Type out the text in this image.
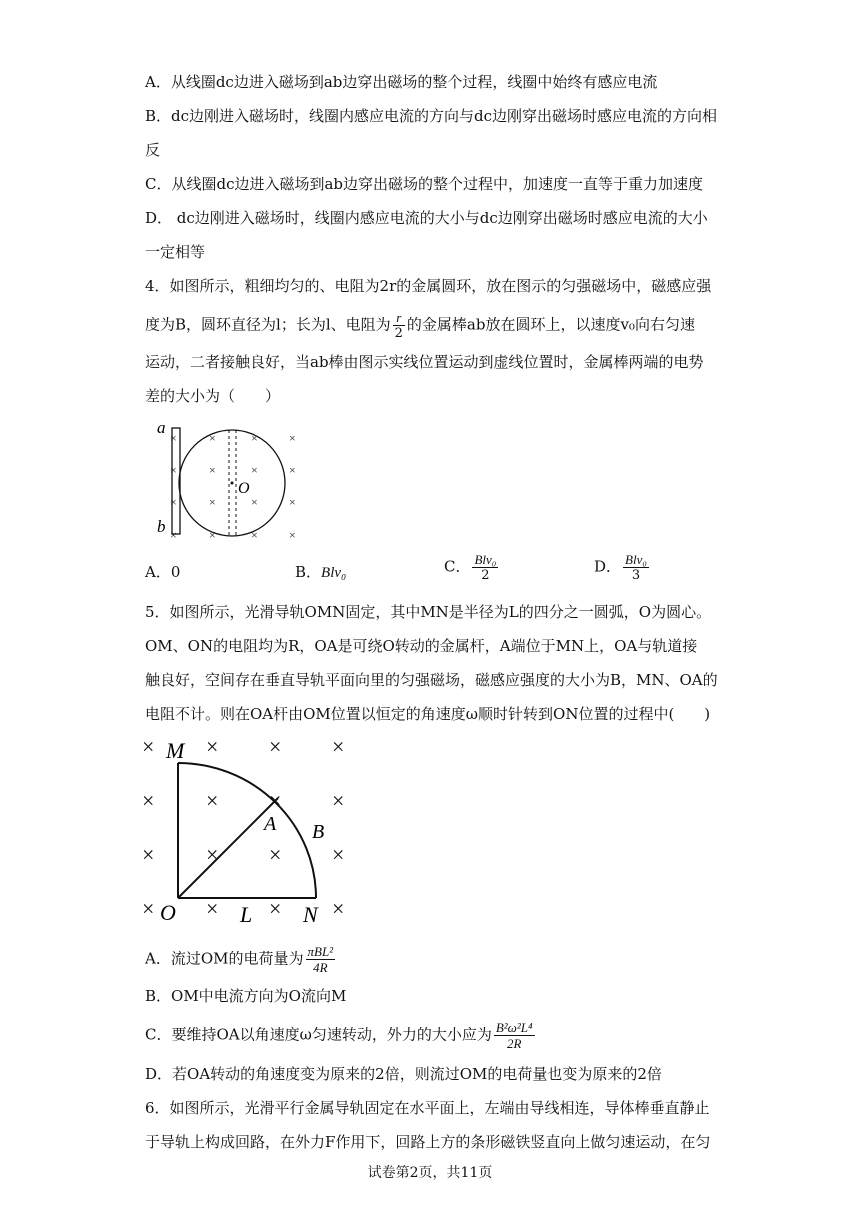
A．从线圈dc边进入磁场到ab边穿出磁场的整个过程，线圈中始终有感应电流
B．dc边刚进入磁场时，线圈内感应电流的方向与dc边刚穿出磁场时感应电流的方向相
反
C．从线圈dc边进入磁场到ab边穿出磁场的整个过程中，加速度一直等于重力加速度
D． dc边刚进入磁场时，线圈内感应电流的大小与dc边刚穿出磁场时感应电流的大小
一定相等
4．如图所示，粗细均匀的、电阻为2r的金属圆环，放在图示的匀强磁场中，磁感应强
度为B，圆环直径为l；长为l、电阻为 $\frac{r}{2}$ 的金属棒ab放在圆环上，以速度v₀向右匀速
运动，二者接触良好，当ab棒由图示实线位置运动到虚线位置时，金属棒两端的电势
差的大小为（　　）
a
b
O
×
×
×
×
×	×	×
×	×	×
×	×	×
×	×	×
A．0	B．Blv₀	C． $\frac{\text{Blv₀}}{2}$	D． $\frac{\text{Blv₀}}{3}$
5．如图所示，光滑导轨OMN固定，其中MN是半径为L的四分之一圆弧，O为圆心。
OM、ON的电阻均为R，OA是可绕O转动的金属杆，A端位于MN上，OA与轨道接
触良好，空间存在垂直导轨平面向里的匀强磁场，磁感应强度的大小为B，MN、OA的
电阻不计。则在OA杆由OM位置以恒定的角速度ω顺时针转到ON位置的过程中(　　)
M
O
A B
L N
× × × ×
× × × ×
× × × ×
× × × ×
A．流过OM的电荷量为 $\frac{\text{πBL²}}{4R}$
B．OM中电流方向为O流向M
C．要维持OA以角速度ω匀速转动，外力的大小应为 $\frac{\text{B²ω²L⁴}}{2R}$
D．若OA转动的角速度变为原来的2倍，则流过OM的电荷量也变为原来的2倍
6．如图所示，光滑平行金属导轨固定在水平面上，左端由导线相连，导体棒垂直静止
于导轨上构成回路，在外力F作用下，回路上方的条形磁铁竖直向上做匀速运动，在匀
试卷第2页，共11页
